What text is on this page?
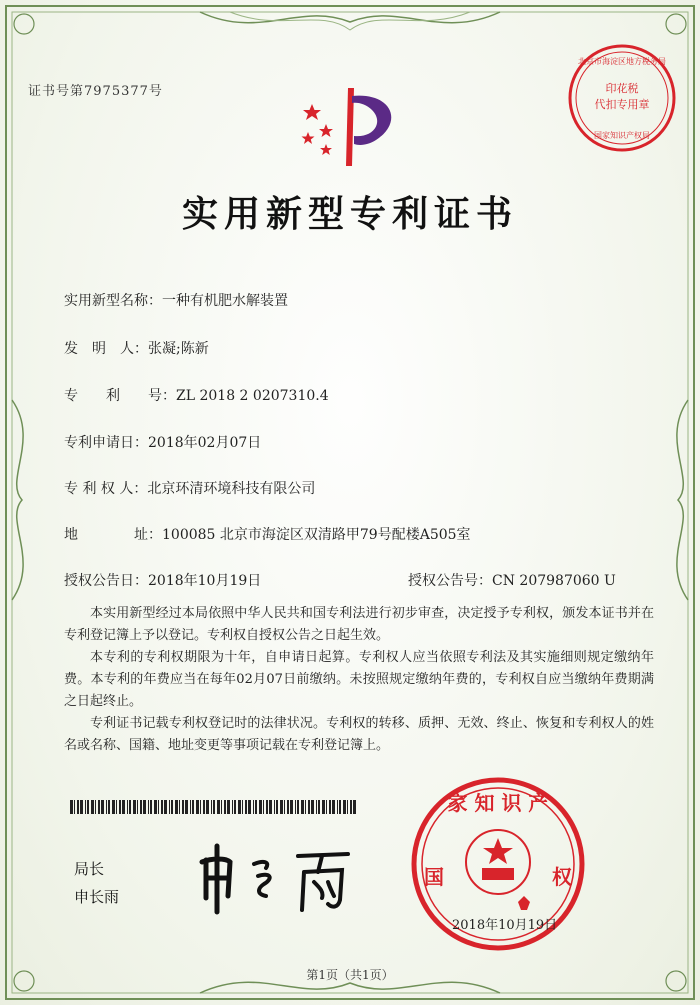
证书号第7975377号	印花税
代扣专用章
北京市海淀区地方税务局
国家知识产权局
实用新型专利证书
实用新型名称：一种有机肥水解装置
发　明　人：张凝;陈新
专　　利　　号：ZL 2018 2 0207310.4
专利申请日：2018年02月07日
专 利 权 人：北京环清环境科技有限公司
地　　　　址：100085 北京市海淀区双清路甲79号配楼A505室
授权公告日：2018年10月19日	授权公告号：CN 207987060 U

本实用新型经过本局依照中华人民共和国专利法进行初步审查，决定授予专利权，颁发本证书并在专利登记簿上予以登记。专利权自授权公告之日起生效。

本专利的专利权期限为十年，自申请日起算。专利权人应当依照专利法及其实施细则规定缴纳年费。本专利的年费应当在每年02月07日前缴纳。未按照规定缴纳年费的，专利权自应当缴纳年费期满之日起终止。

专利证书记载专利权登记时的法律状况。专利权的转移、质押、无效、终止、恢复和专利权人的姓名或名称、国籍、地址变更等事项记载在专利登记簿上。

局长
申长雨
家 知 识 产
国	权
2018年10月19日
第1页（共1页）
